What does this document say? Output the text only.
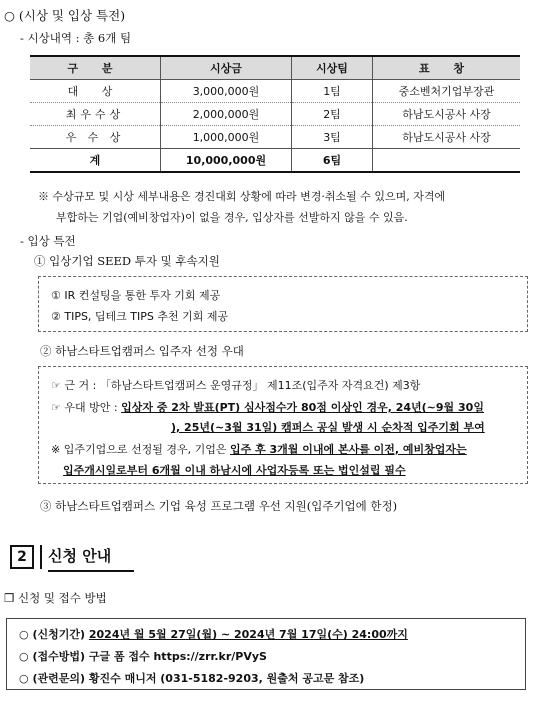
○ (시상 및 입상 특전)
- 시상내역 : 총 6개 팀
구 분	시상금	시상팀	표 창
대 상	3,000,000원	1팀	중소벤처기업부장관
최우수상	2,000,000원	2팀	하남도시공사 사장
우 수 상	1,000,000원	3팀	하남도시공사 사장
계	10,000,000원	6팀	
※ 수상규모 및 시상 세부내용은 경진대회 상황에 따라 변경·취소될 수 있으며, 자격에
부합하는 기업(예비창업자)이 없을 경우, 입상자를 선발하지 않을 수 있음.
- 입상 특전
① 입상기업 SEED 투자 및 후속지원
① IR 컨설팅을 통한 투자 기회 제공
② TIPS, 딥테크 TIPS 추천 기회 제공
② 하남스타트업캠퍼스 입주자 선정 우대
☞ 근 거 : 「하남스타트업캠퍼스 운영규정」 제11조(입주자 자격요건) 제3항
☞ 우대 방안 : 입상자 중 2차 발표(PT) 심사점수가 80점 이상인 경우, 24년(~9월 30일
), 25년(~3월 31일) 캠퍼스 공실 발생 시 순차적 입주기회 부여
※ 입주기업으로 선정될 경우, 기업은 입주 후 3개월 이내에 본사를 이전, 예비창업자는
입주개시일로부터 6개월 이내 하남시에 사업자등록 또는 법인설립 필수
③ 하남스타트업캠퍼스 기업 육성 프로그램 우선 지원(입주기업에 한정)
2	신청 안내
❒ 신청 및 접수 방법
○ (신청기간) 2024년 월 5월 27일(월) ~ 2024년 7월 17일(수) 24:00까지
○ (접수방법) 구글 폼 접수 https://zrr.kr/PVyS
○ (관련문의) 황진수 매니저 (031-5182-9203, 원출처 공고문 참조)
